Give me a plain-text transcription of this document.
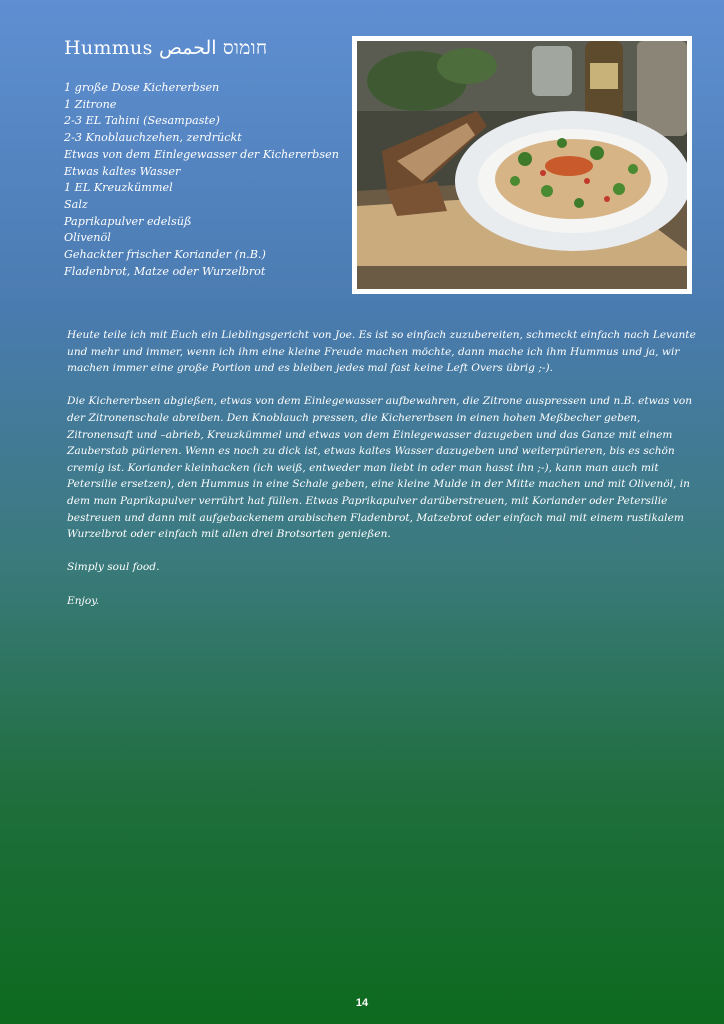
Hummus חומוס الحمص
1 große Dose Kichererbsen
1 Zitrone
2-3 EL Tahini (Sesampaste)
2-3 Knoblauchzehen, zerdrückt
Etwas von dem Einlegewasser der Kichererbsen
Etwas kaltes Wasser
1 EL Kreuzkümmel
Salz
Paprikapulver edelsüß
Olivenöl
Gehackter frischer Koriander (n.B.)
Fladenbrot, Matze oder Wurzelbrot

Heute teile ich mit Euch ein Lieblingsgericht von Joe. Es ist so einfach zuzubereiten, schmeckt einfach nach Levante und mehr und immer, wenn ich ihm eine kleine Freude machen möchte, dann mache ich ihm Hummus und ja, wir machen immer eine große Portion und es bleiben jedes mal fast keine Left Overs übrig ;-).

Die Kichererbsen abgießen, etwas von dem Einlegewasser aufbewahren, die Zitrone auspressen und n.B. etwas von der Zitronenschale abreiben. Den Knoblauch pressen, die Kichererbsen in einen hohen Meßbecher geben, Zitronensaft und –abrieb, Kreuzkümmel und etwas von dem Einlegewasser dazugeben und das Ganze mit einem Zauberstab pürieren. Wenn es noch zu dick ist, etwas kaltes Wasser dazugeben und weiterpürieren, bis es schön cremig ist. Koriander kleinhacken (ich weiß, entweder man liebt in oder man hasst ihn ;-), kann man auch mit Petersilie ersetzen), den Hummus in eine Schale geben, eine kleine Mulde in der Mitte machen und mit Olivenöl, in dem man Paprikapulver verrührt hat füllen. Etwas Paprikapulver darüberstreuen, mit Koriander oder Petersilie bestreuen und dann mit aufgebackenem arabischen Fladenbrot, Matzebrot oder einfach mal mit einem rustikalem Wurzelbrot oder einfach mit allen drei Brotsorten genießen.

Simply soul food.

Enjoy.

14
